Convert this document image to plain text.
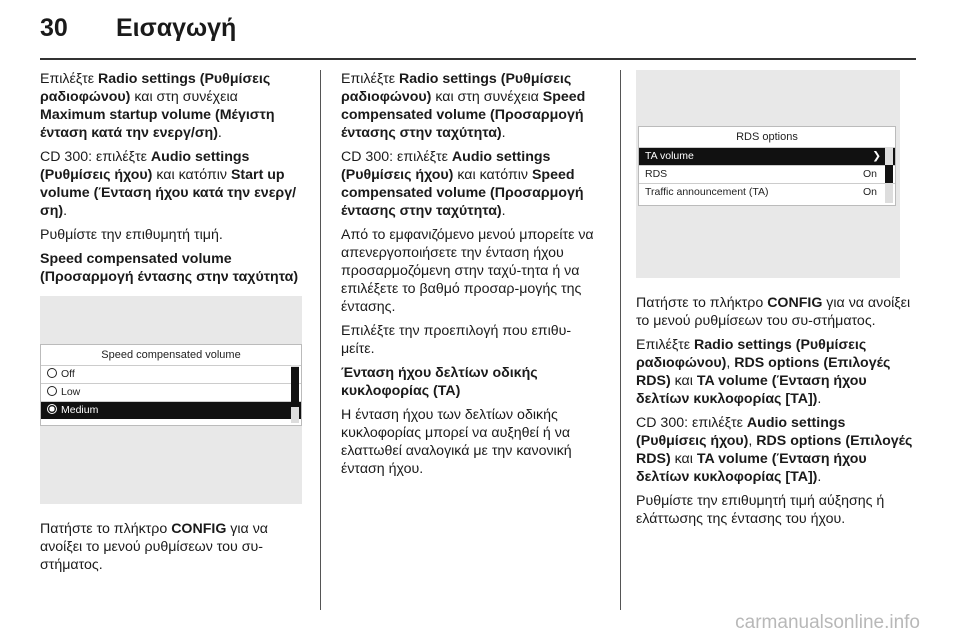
30	Εισαγωγή

Επιλέξτε Radio settings (Ρυθμίσεις ραδιοφώνου) και στη συνέχεια Maximum startup volume (Μέγιστη ένταση κατά την ενεργ/ση).

CD 300: επιλέξτε Audio settings (Ρυθμίσεις ήχου) και κατόπιν Start up volume (Ένταση ήχου κατά την ενεργ/ση).

Ρυθμίστε την επιθυμητή τιμή.

Speed compensated volume (Προσαρμογή έντασης στην ταχύτητα)
Speed compensated volume
Off
Low
Medium

Πατήστε το πλήκτρο CONFIG για να ανοίξει το μενού ρυθμίσεων του συ-στήματος.

Επιλέξτε Radio settings (Ρυθμίσεις ραδιοφώνου) και στη συνέχεια Speed compensated volume (Προσαρμογή έντασης στην ταχύτητα).

CD 300: επιλέξτε Audio settings (Ρυθμίσεις ήχου) και κατόπιν Speed compensated volume (Προσαρμογή έντασης στην ταχύτητα).

Από το εμφανιζόμενο μενού μπορείτε να απενεργοποιήσετε την ένταση ήχου προσαρμοζόμενη στην ταχύ-τητα ή να επιλέξετε το βαθμό προσαρ-μογής της έντασης.

Επιλέξτε την προεπιλογή που επιθυ-μείτε.

Ένταση ήχου δελτίων οδικής κυκλοφορίας (TA)

Η ένταση ήχου των δελτίων οδικής κυκλοφορίας μπορεί να αυξηθεί ή να ελαττωθεί αναλογικά με την κανονική ένταση ήχου.

RDS options
TA volume	❯
RDS	On
Traffic announcement (TA)	On

Πατήστε το πλήκτρο CONFIG για να ανοίξει το μενού ρυθμίσεων του συ-στήματος.

Επιλέξτε Radio settings (Ρυθμίσεις ραδιοφώνου), RDS options (Επιλογές RDS) και TA volume (Ένταση ήχου δελτίων κυκλοφορίας [TA]).

CD 300: επιλέξτε Audio settings (Ρυθμίσεις ήχου), RDS options (Επιλογές RDS) και TA volume (Ένταση ήχου δελτίων κυκλοφορίας [TA]).

Ρυθμίστε την επιθυμητή τιμή αύξησης ή ελάττωσης της έντασης του ήχου.

carmanualsonline.info
